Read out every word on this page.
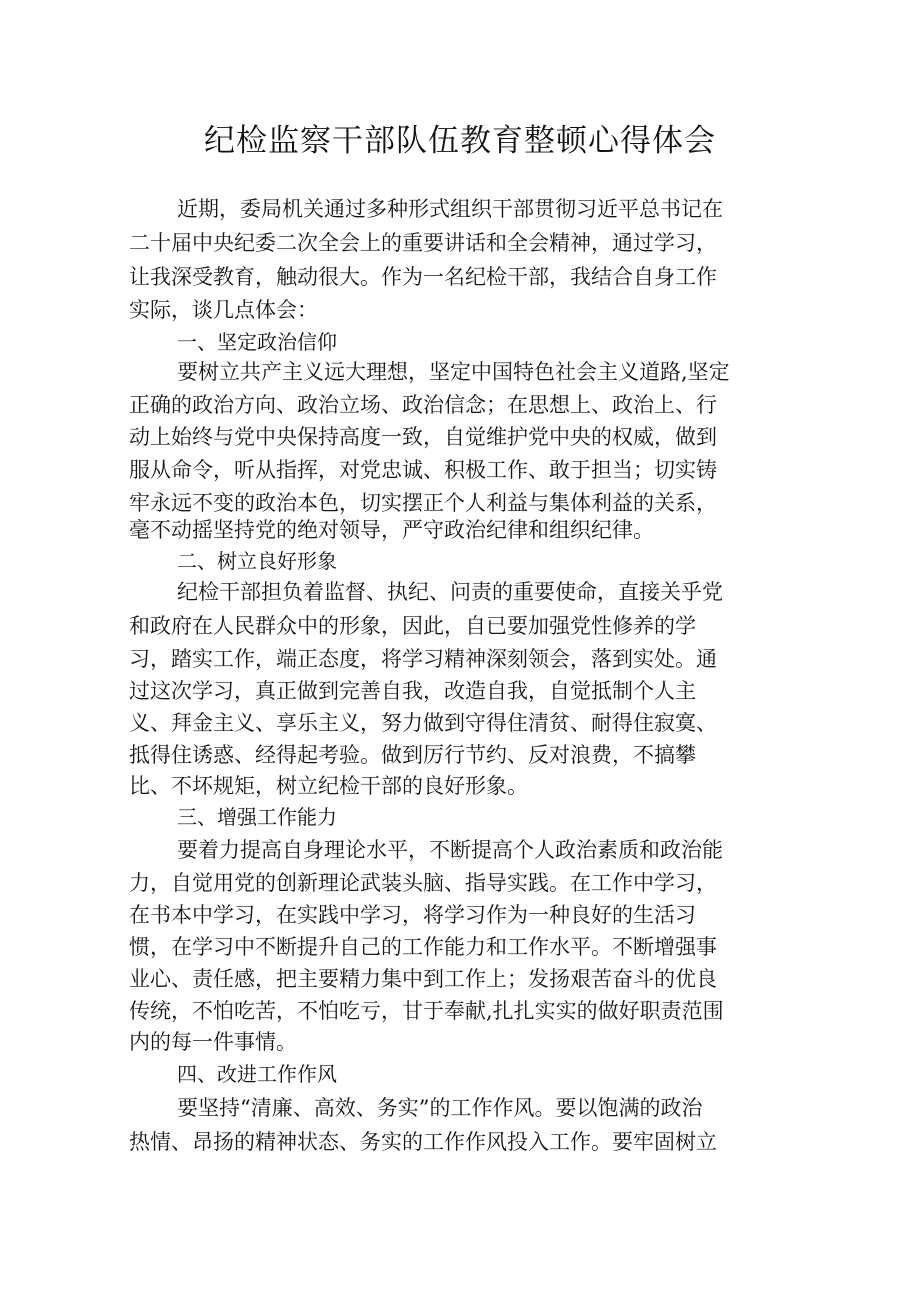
纪检监察干部队伍教育整顿心得体会
近期，委局机关通过多种形式组织干部贯彻习近平总书记在
二十届中央纪委二次全会上的重要讲话和全会精神，通过学习，
让我深受教育，触动很大。作为一名纪检干部，我结合自身工作
实际，谈几点体会：
一、坚定政治信仰
要树立共产主义远大理想，坚定中国特色社会主义道路,坚定
正确的政治方向、政治立场、政治信念；在思想上、政治上、行
动上始终与党中央保持高度一致，自觉维护党中央的权威，做到
服从命令，听从指挥，对党忠诚、积极工作、敢于担当；切实铸
牢永远不变的政治本色，切实摆正个人利益与集体利益的关系，
毫不动摇坚持党的绝对领导，严守政治纪律和组织纪律。
二、树立良好形象
纪检干部担负着监督、执纪、问责的重要使命，直接关乎党
和政府在人民群众中的形象，因此，自已要加强党性修养的学
习，踏实工作，端正态度，将学习精神深刻领会，落到实处。通
过这次学习，真正做到完善自我，改造自我，自觉抵制个人主
义、拜金主义、享乐主义，努力做到守得住清贫、耐得住寂寞、
抵得住诱惑、经得起考验。做到厉行节约、反对浪费，不搞攀
比、不坏规矩，树立纪检干部的良好形象。
三、增强工作能力
要着力提高自身理论水平，不断提高个人政治素质和政治能
力，自觉用党的创新理论武装头脑、指导实践。在工作中学习，
在书本中学习，在实践中学习，将学习作为一种良好的生活习
惯，在学习中不断提升自己的工作能力和工作水平。不断增强事
业心、责任感，把主要精力集中到工作上；发扬艰苦奋斗的优良
传统，不怕吃苦，不怕吃亏，甘于奉献,扎扎实实的做好职责范围
内的每一件事情。
四、改进工作作风
要坚持“清廉、高效、务实”的工作作风。要以饱满的政治
热情、昂扬的精神状态、务实的工作作风投入工作。要牢固树立
